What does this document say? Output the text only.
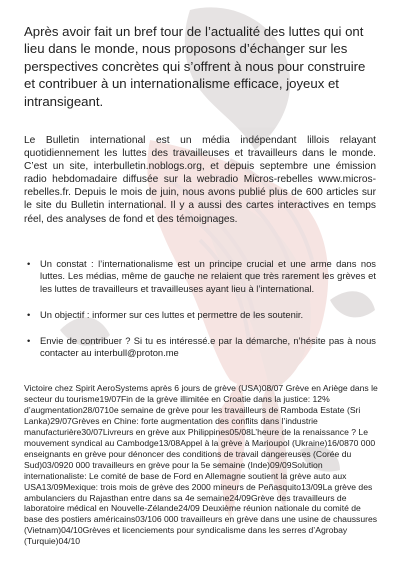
Après avoir fait un bref tour de l’actualité des luttes qui ont lieu dans le monde, nous proposons d’échanger sur les perspectives concrètes qui s’offrent à nous pour construire et contribuer à un internationalisme efficace, joyeux et intransigeant.

Le Bulletin international est un média indépendant lillois relayant quotidiennement les luttes des travailleuses et travailleurs dans le monde. C’est un site, interbulletin.noblogs.org, et depuis septembre une émission radio hebdomadaire diffusée sur la webradio Micros-rebelles www.micros-rebelles.fr. Depuis le mois de juin, nous avons publié plus de 600 articles sur le site du Bulletin international. Il y a aussi des cartes interactives en temps réel, des analyses de fond et des témoignages.

• Un constat : l’internationalisme est un principe crucial et une arme dans nos luttes. Les médias, même de gauche ne relaient que très rarement les grèves et les luttes de travailleurs et travailleuses ayant lieu à l’international.
• Un objectif : informer sur ces luttes et permettre de les soutenir.
• Envie de contribuer ? Si tu es intéressé.e par la démarche, n’hésite pas à nous contacter au interbull@proton.me

Victoire chez Spirit AeroSystems après 6 jours de grève (USA)08/07 Grève en Ariège dans le secteur du tourisme19/07Fin de la grève illimitée en Croatie dans la justice: 12% d’augmentation28/0710e semaine de grève pour les travailleurs de Ramboda Estate (Sri Lanka)29/07Grèves en Chine: forte augmentation des conflits dans l’industrie manufacturière30/07Livreurs en grève aux Philippines05/08L’heure de la renaissance ? Le mouvement syndical au Cambodge13/08Appel à la grève à Marioupol (Ukraine)16/0870 000 enseignants en grève pour dénoncer des conditions de travail dangereuses (Corée du Sud)03/0920 000 travailleurs en grève pour la 5e semaine (Inde)09/09Solution internationaliste: Le comité de base de Ford en Allemagne soutient la grève auto aux USA13/09Mexique: trois mois de grève des 2000 mineurs de Peñasquito13/09La grève des ambulanciers du Rajasthan entre dans sa 4e semaine24/09Grève des travailleurs de laboratoire médical en Nouvelle-Zélande24/09 Deuxième réunion nationale du comité de base des postiers américains03/106 000 travailleurs en grève dans une usine de chaussures (Vietnam)04/10Grèves et licenciements pour syndicalisme dans les serres d’Agrobay (Turquie)04/10
